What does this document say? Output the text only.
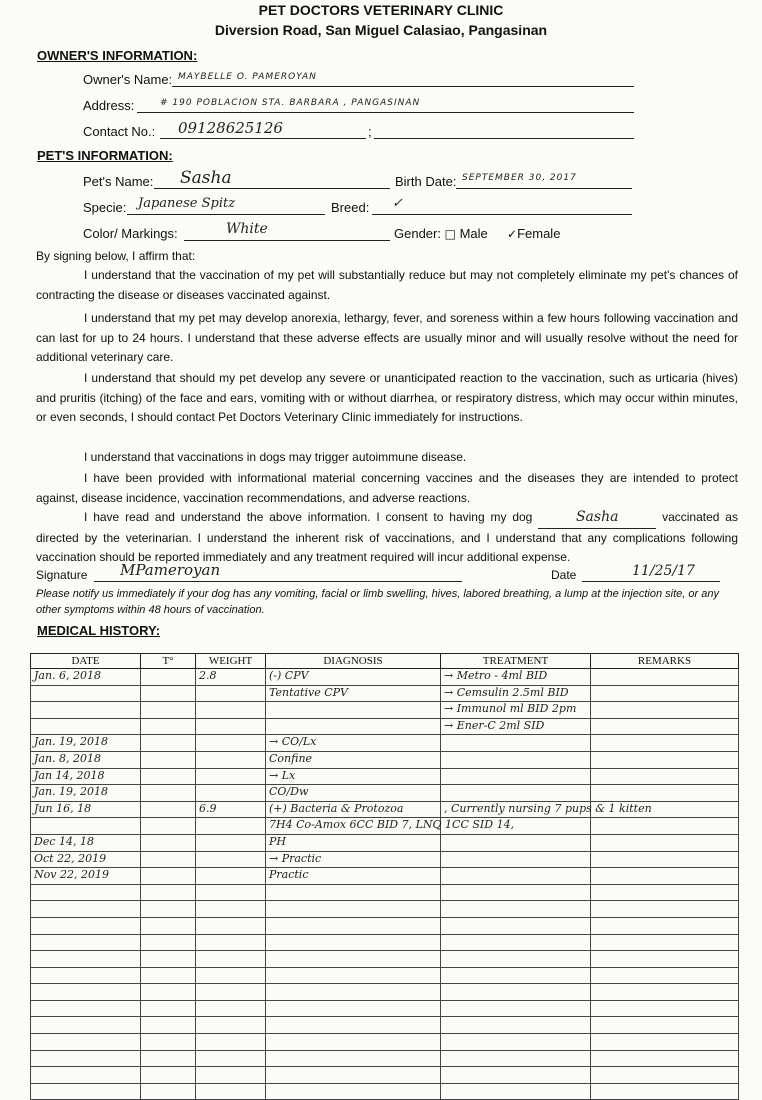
PET DOCTORS VETERINARY CLINIC
Diversion Road, San Miguel Calasiao, Pangasinan
OWNER'S INFORMATION:
Owner's Name: MAYBELLE O. PAMEROYAN
Address:	# 190 POBLACION STA. BARBARA , PANGASINAN
Contact No.: 09128625126	;
PET'S INFORMATION:
Pet's Name: Sasha	Birth Date: SEPTEMBER 30, 2017
Specie: Japanese Spitz	Breed: ✓
Color/ Markings:	White	Gender: □ Male ✓Female
By signing below, I affirm that:
I understand that the vaccination of my pet will substantially reduce but may not completely eliminate my pet's chances of contracting the disease or diseases vaccinated against.
I understand that my pet may develop anorexia, lethargy, fever, and soreness within a few hours following vaccination and can last for up to 24 hours. I understand that these adverse effects are usually minor and will usually resolve without the need for additional veterinary care.
I understand that should my pet develop any severe or unanticipated reaction to the vaccination, such as urticaria (hives) and pruritis (itching) of the face and ears, vomiting with or without diarrhea, or respiratory distress, which may occur within minutes, or even seconds, I should contact Pet Doctors Veterinary Clinic immediately for instructions.
I understand that vaccinations in dogs may trigger autoimmune disease.
I have been provided with informational material concerning vaccines and the diseases they are intended to protect against, disease incidence, vaccination recommendations, and adverse reactions.
I have read and understand the above information. I consent to having my dog	Sasha	vaccinated as directed by the veterinarian. I understand the inherent risk of vaccinations, and I understand that any complications following vaccination should be reported immediately and any treatment required will incur additional expense.
Signature MPameroyan	Date	11/25/17
Please notify us immediately if your dog has any vomiting, facial or limb swelling, hives, labored breathing, a lump at the injection site, or any other symptoms within 48 hours of vaccination.
MEDICAL HISTORY:
DATE	T°	WEIGHT	DIAGNOSIS	TREATMENT	REMARKS

Jan. 6, 2018		2.8	(-) CPV	→ Metro - 4ml BID	

			Tentative CPV	→ Cemsulin 2.5ml BID	

				→ Immunol ml BID 2pm	

				→ Ener-C 2ml SID	

Jan. 19, 2018			→ CO/Lx		

Jan. 8, 2018			Confine		

Jan 14, 2018			→ Lx		

Jan. 19, 2018			CO/Dw		

Jun 16, 18		6.9	(+) Bacteria & Protozoa	, Currently nursing 7 pups & 1 kitten	

			7H4 Co-Amox 6CC BID 7, LNQ 1CC SID 14,		

Dec 14, 18			PH		

Oct 22, 2019			→ Practic		

Nov 22, 2019			Practic		
